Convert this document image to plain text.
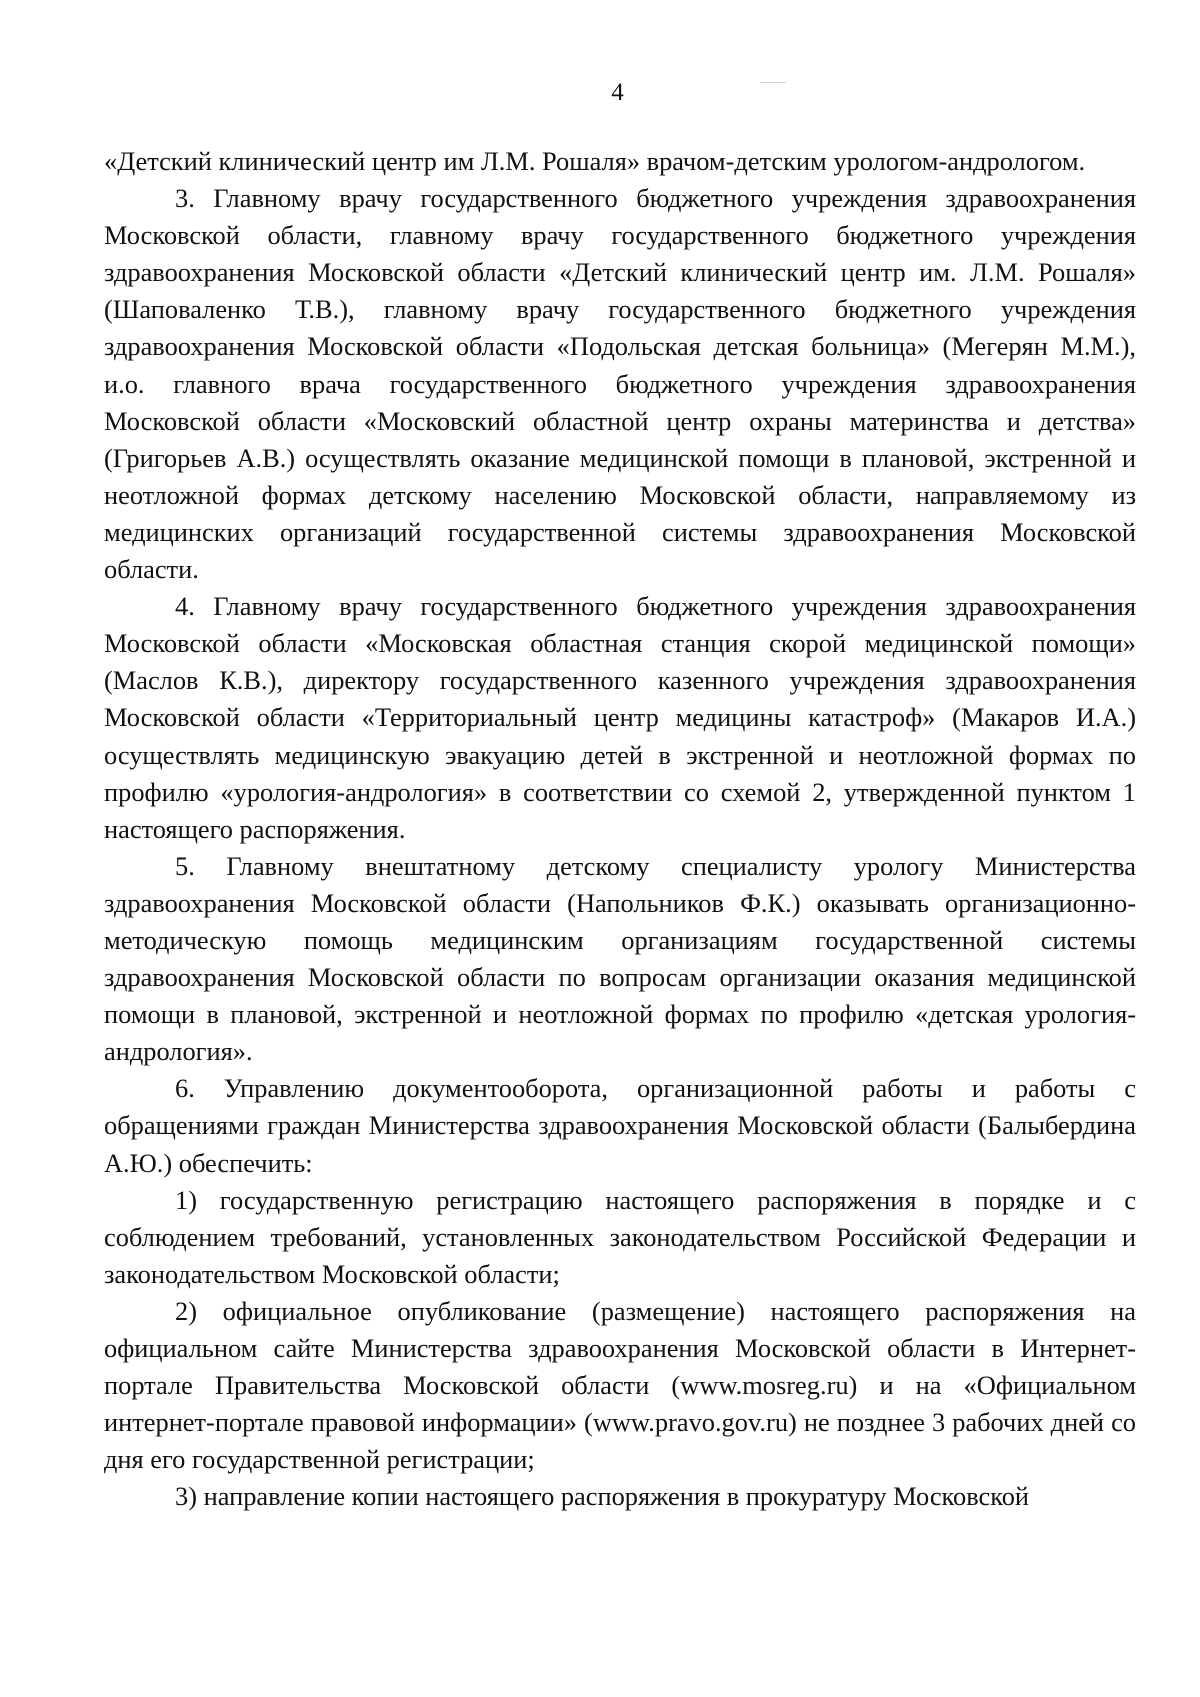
4

«Детский клинический центр им Л.М. Рошаля» врачом-детским урологом-андрологом.

3. Главному врачу государственного бюджетного учреждения здравоохранения Московской области, главному врачу государственного бюджетного учреждения здравоохранения Московской области «Детский клинический центр им. Л.М. Рошаля» (Шаповаленко Т.В.), главному врачу государственного бюджетного учреждения здравоохранения Московской области «Подольская детская больница» (Мегерян М.М.), и.о. главного врача государственного бюджетного учреждения здравоохранения Московской области «Московский областной центр охраны материнства и детства» (Григорьев А.В.) осуществлять оказание медицинской помощи в плановой, экстренной и неотложной формах детскому населению Московской области, направляемому из медицинских организаций государственной системы здравоохранения Московской области.

4. Главному врачу государственного бюджетного учреждения здравоохранения Московской области «Московская областная станция скорой медицинской помощи» (Маслов К.В.), директору государственного казенного учреждения здравоохранения Московской области «Территориальный центр медицины катастроф» (Макаров И.А.) осуществлять медицинскую эвакуацию детей в экстренной и неотложной формах по профилю «урология-андрология» в соответствии со схемой 2, утвержденной пунктом 1 настоящего распоряжения.

5. Главному внештатному детскому специалисту урологу Министерства здравоохранения Московской области (Напольников Ф.К.) оказывать организационно-методическую помощь медицинским организациям государственной системы здравоохранения Московской области по вопросам организации оказания медицинской помощи в плановой, экстренной и неотложной формах по профилю «детская урология-андрология».

6. Управлению документооборота, организационной работы и работы с обращениями граждан Министерства здравоохранения Московской области (Балыбердина А.Ю.) обеспечить:

1) государственную регистрацию настоящего распоряжения в порядке и с соблюдением требований, установленных законодательством Российской Федерации и законодательством Московской области;

2) официальное опубликование (размещение) настоящего распоряжения на официальном сайте Министерства здравоохранения Московской области в Интернет-портале Правительства Московской области (www.mosreg.ru) и на «Официальном интернет-портале правовой информации» (www.pravo.gov.ru) не позднее 3 рабочих дней со дня его государственной регистрации;

3) направление копии настоящего распоряжения в прокуратуру Московской
